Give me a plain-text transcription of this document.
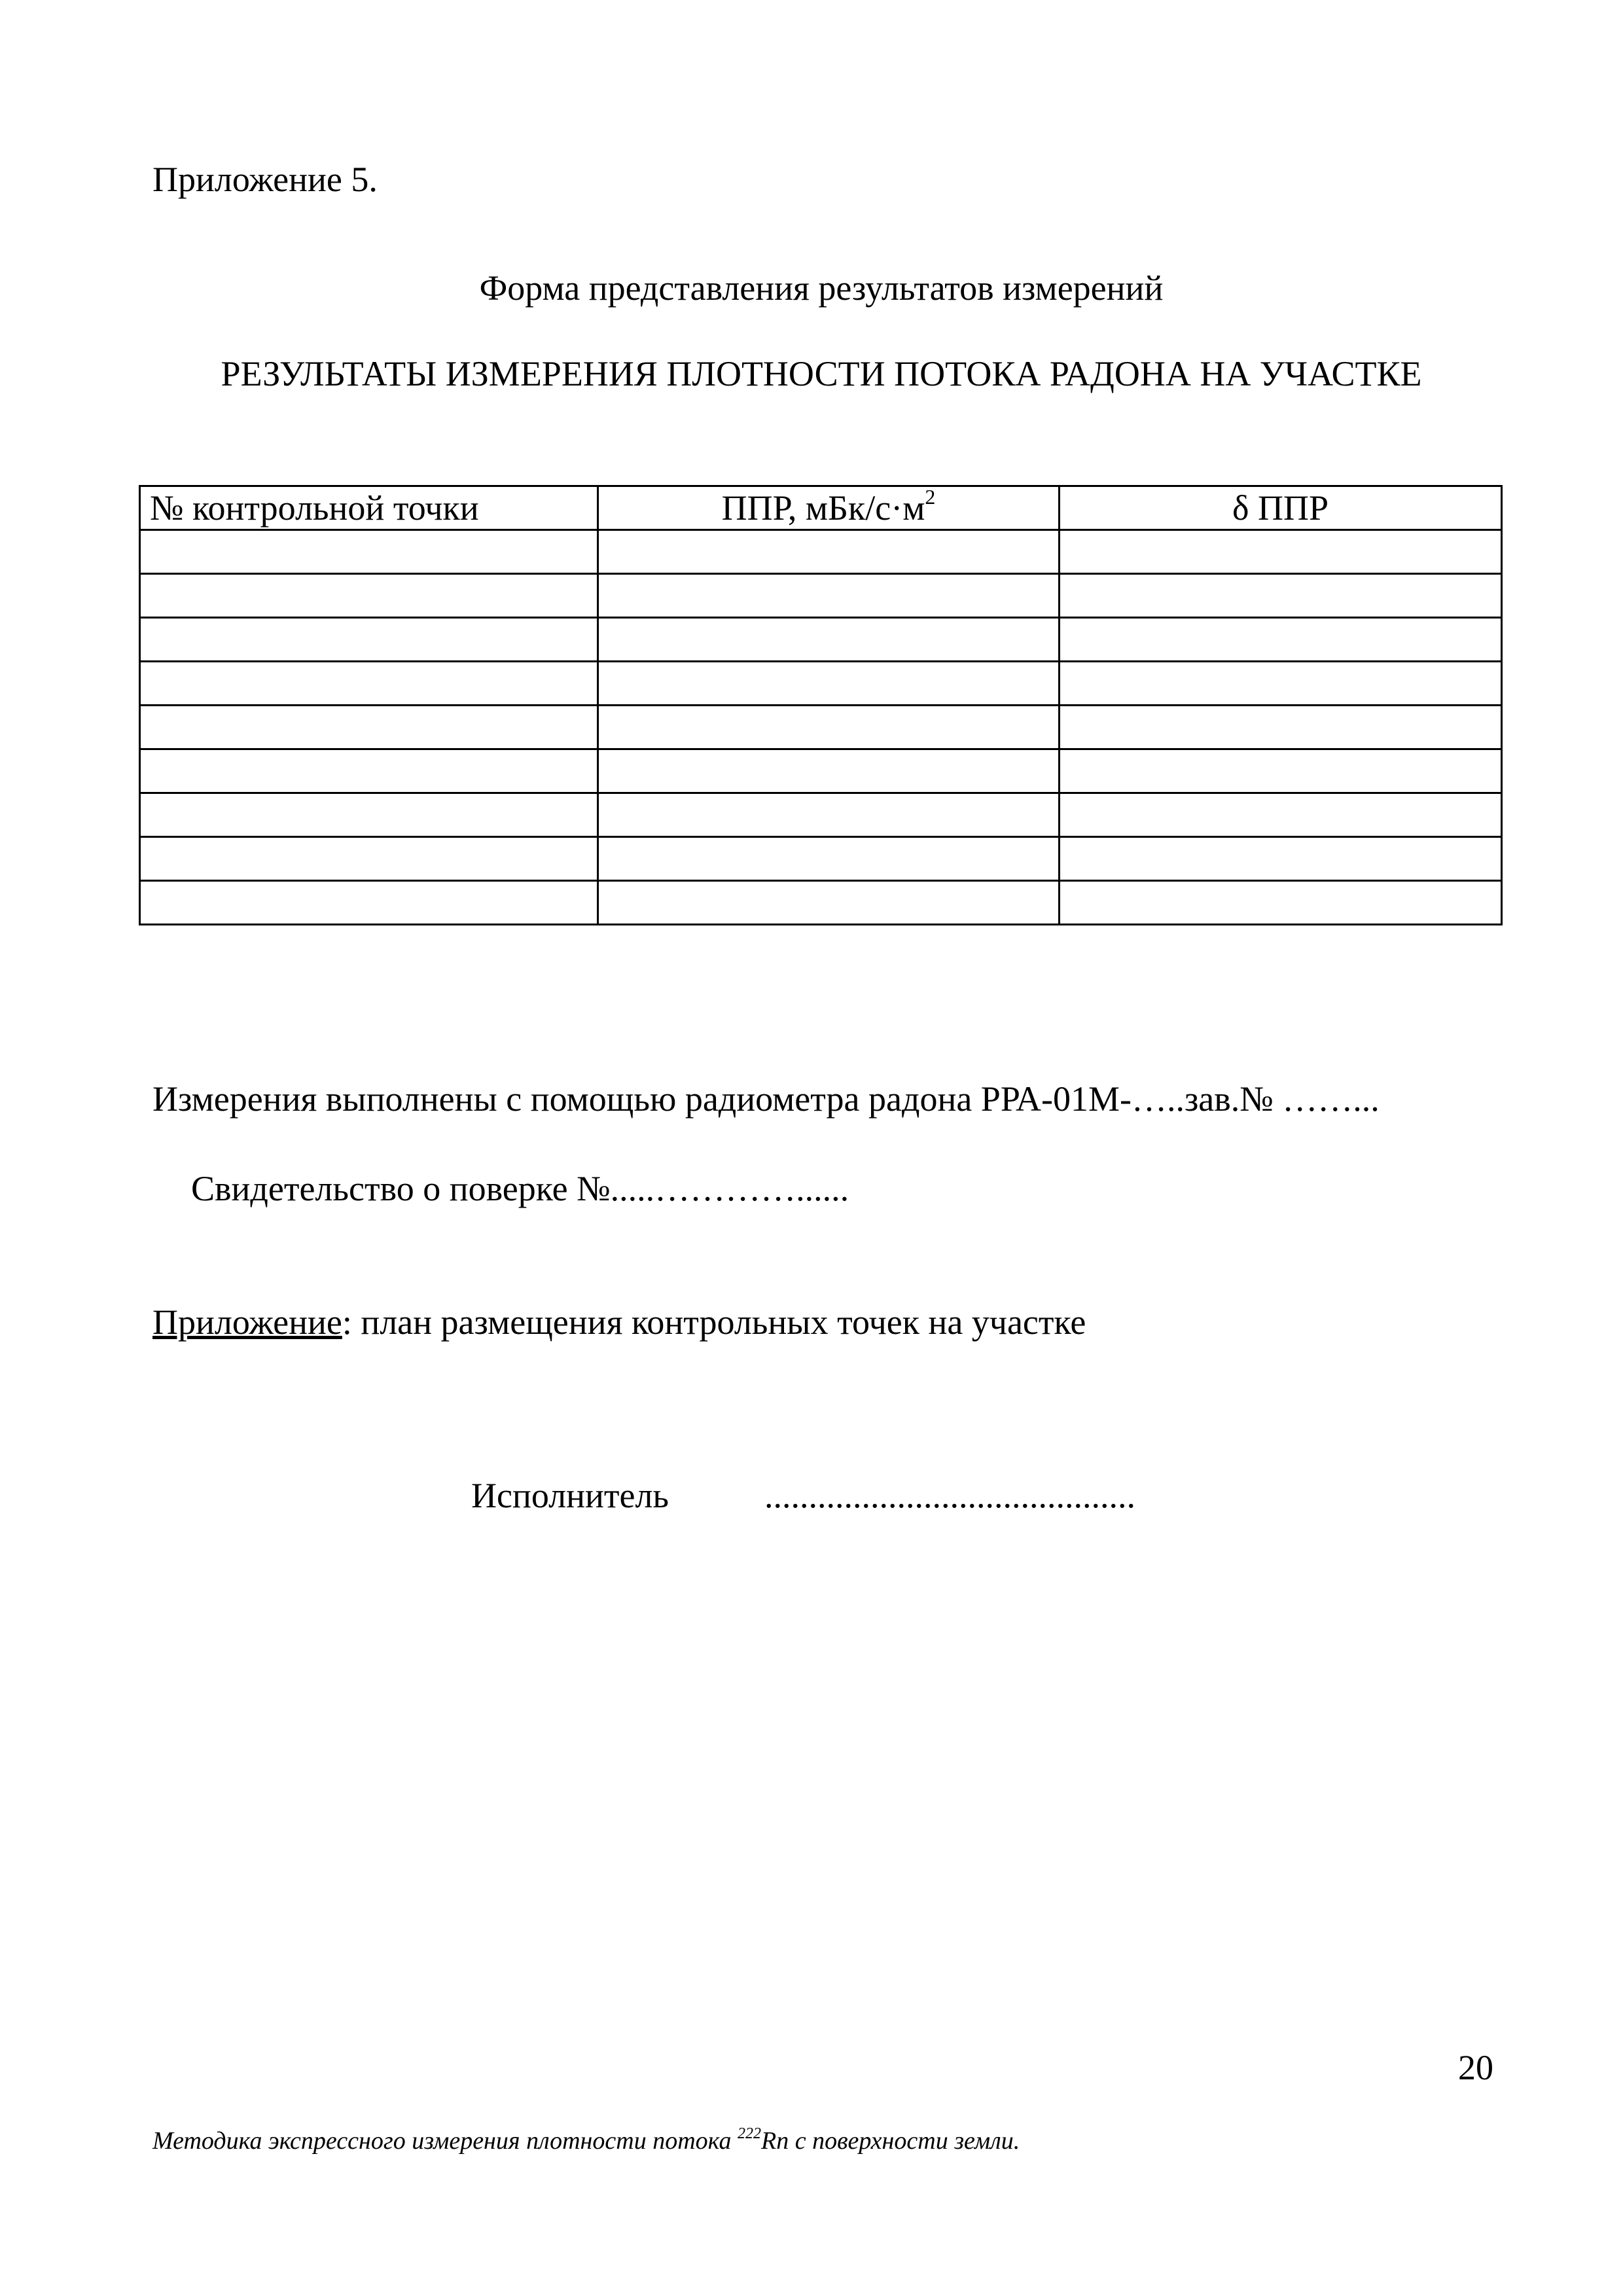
Приложение 5.
Форма представления результатов измерений
РЕЗУЛЬТАТЫ ИЗМЕРЕНИЯ ПЛОТНОСТИ ПОТОКА РАДОНА НА УЧАСТКЕ
№ контрольной точки	ППР, мБк/$с\cdot м^2$	δ ППР

Измерения выполнены с помощью радиометра радона РРА-01М-…..зав.№ ……...
Свидетельство о поверке №.....…………......
Приложение: план размещения контрольных точек на участке
Исполнитель	..........................................
20
Методика экспрессного измерения плотности потока $^{222}$Rn с поверхности земли.
